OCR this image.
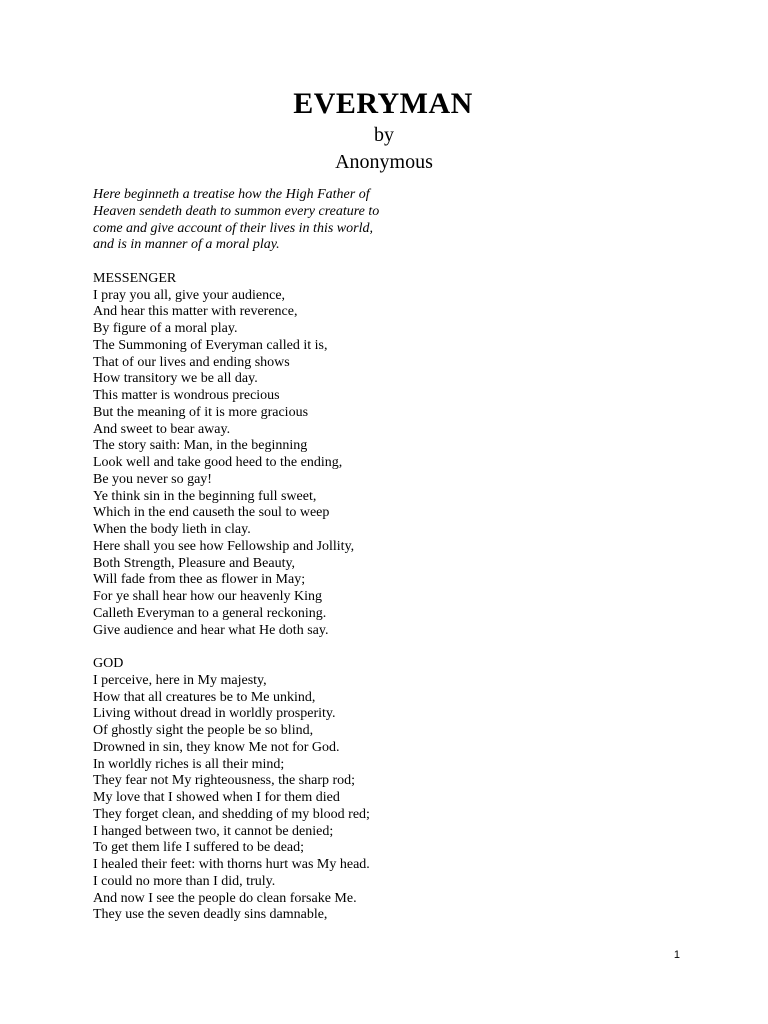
EVERYMAN
by
Anonymous
Here beginneth a treatise how the High Father of
Heaven sendeth death to summon every creature to
come and give account of their lives in this world,
and is in manner of a moral play.
MESSENGER
I pray you all, give your audience,
And hear this matter with reverence,
By figure of a moral play.
The Summoning of Everyman called it is,
That of our lives and ending shows
How transitory we be all day.
This matter is wondrous precious
But the meaning of it is more gracious
And sweet to bear away.
The story saith: Man, in the beginning
Look well and take good heed to the ending,
Be you never so gay!
Ye think sin in the beginning full sweet,
Which in the end causeth the soul to weep
When the body lieth in clay.
Here shall you see how Fellowship and Jollity,
Both Strength, Pleasure and Beauty,
Will fade from thee as flower in May;
For ye shall hear how our heavenly King
Calleth Everyman to a general reckoning.
Give audience and hear what He doth say.
GOD
I perceive, here in My majesty,
How that all creatures be to Me unkind,
Living without dread in worldly prosperity.
Of ghostly sight the people be so blind,
Drowned in sin, they know Me not for God.
In worldly riches is all their mind;
They fear not My righteousness, the sharp rod;
My love that I showed when I for them died
They forget clean, and shedding of my blood red;
I hanged between two, it cannot be denied;
To get them life I suffered to be dead;
I healed their feet: with thorns hurt was My head.
I could no more than I did, truly.
And now I see the people do clean forsake Me.
They use the seven deadly sins damnable,
1
